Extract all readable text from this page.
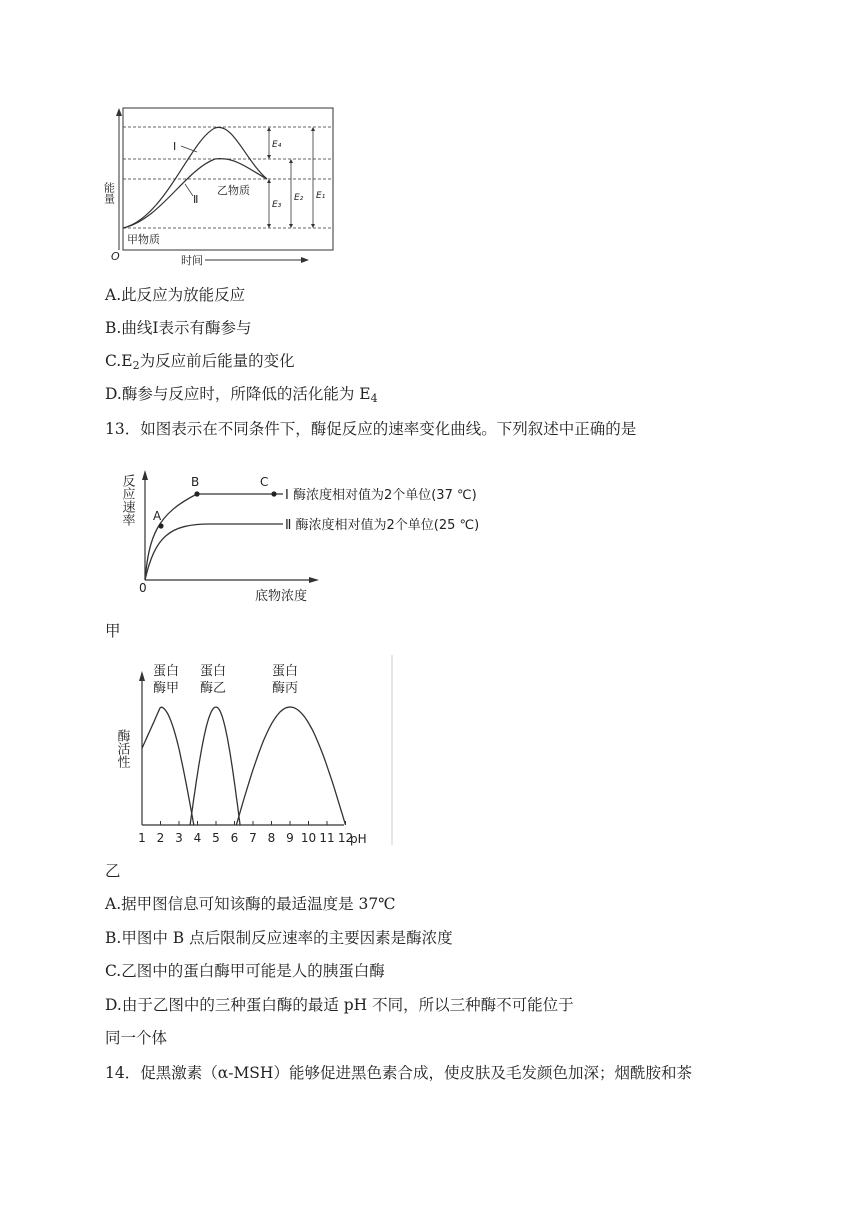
能量
时间
O
Ⅰ
Ⅱ
乙物质
甲物质
E₄
E₃
E₂ E₁
A.此反应为放能反应
B.曲线Ⅰ表示有酶参与
$C.E_2$为反应前后能量的变化
D.酶参与反应时，所降低的活化能为 $E_4$
13．如图表示在不同条件下，酶促反应的速率变化曲线。下列叙述中正确的是
A
B	C
Ⅰ 酶浓度相对值为2个单位(37 ℃)
Ⅱ 酶浓度相对值为2个单位(25 ℃)
反应速率
0
底物浓度
甲
1 2 3 4 5 6 7 8 9 10 11 12
酶活性
pH
蛋白
酶甲
蛋白
酶乙
蛋白
酶丙
乙
A.据甲图信息可知该酶的最适温度是 37℃
B.甲图中 B 点后限制反应速率的主要因素是酶浓度
C.乙图中的蛋白酶甲可能是人的胰蛋白酶
D.由于乙图中的三种蛋白酶的最适 pH 不同，所以三种酶不可能位于
同一个体
14．促黑激素（α-MSH）能够促进黑色素合成，使皮肤及毛发颜色加深；烟酰胺和茶
